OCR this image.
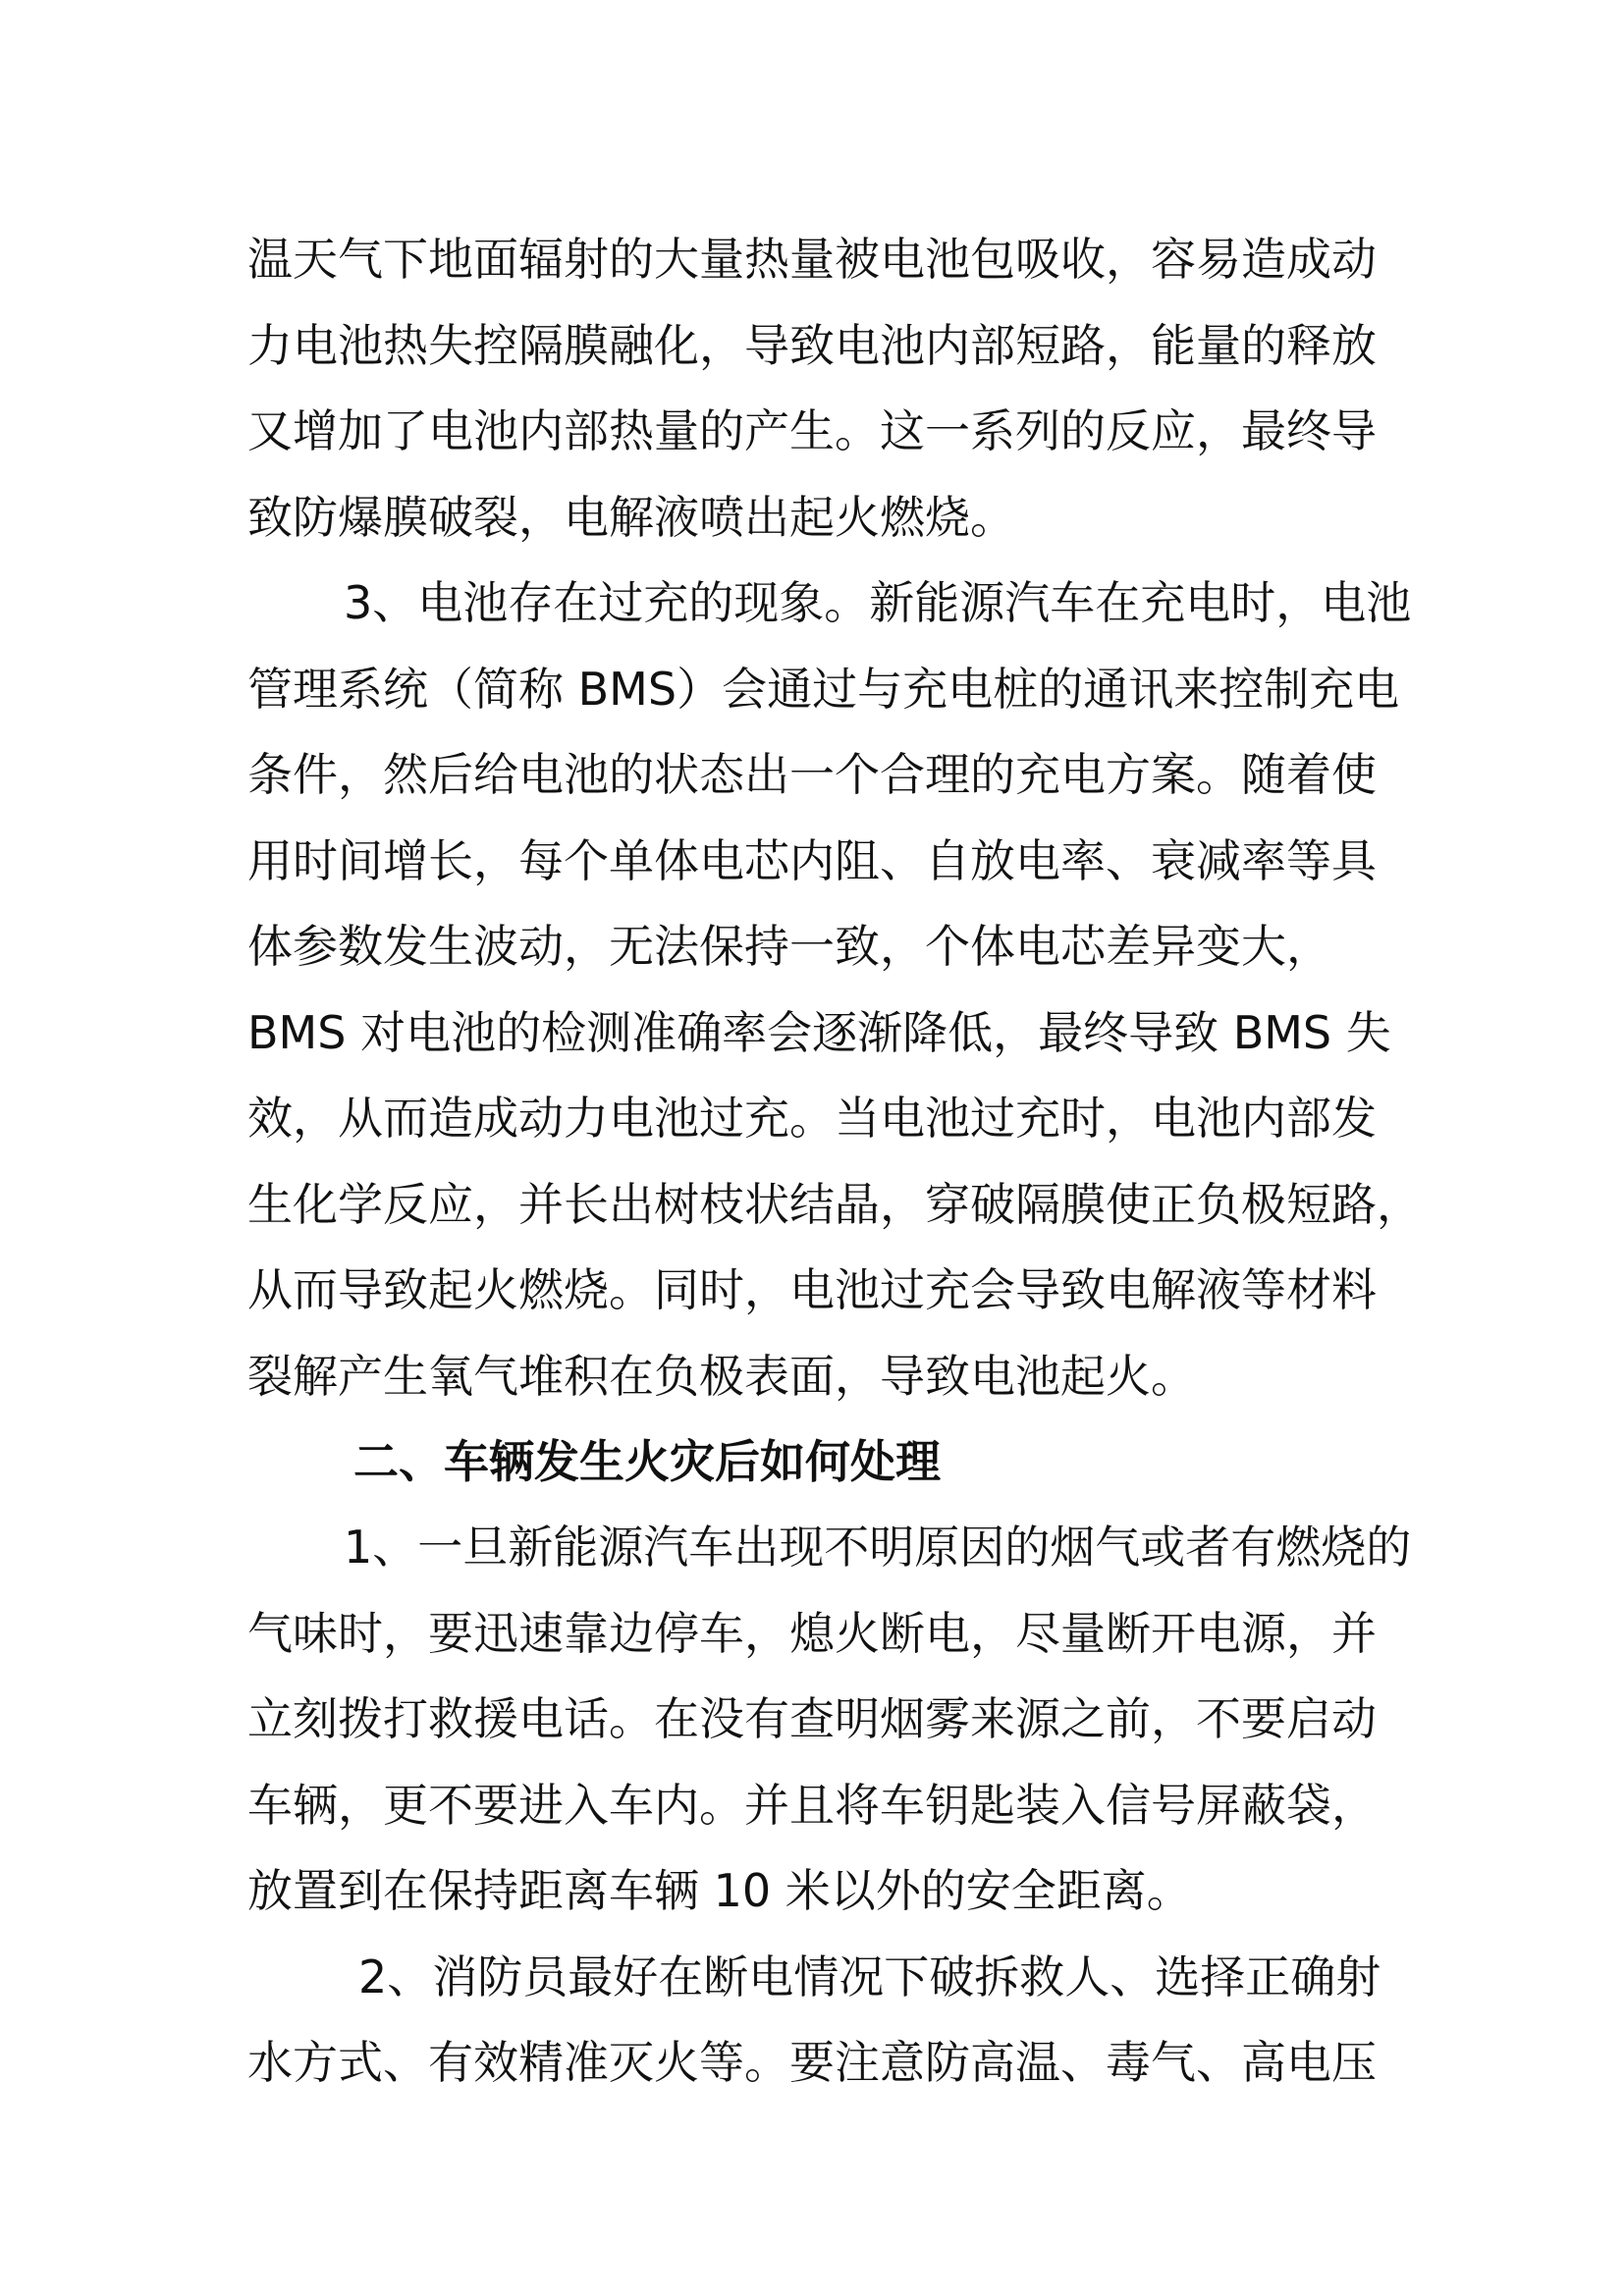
温天气下地面辐射的大量热量被电池包吸收，容易造成动
力电池热失控隔膜融化，导致电池内部短路，能量的释放
又增加了电池内部热量的产生。这一系列的反应，最终导
致防爆膜破裂，电解液喷出起火燃烧。
3、电池存在过充的现象。新能源汽车在充电时，电池
管理系统（简称 BMS）会通过与充电桩的通讯来控制充电
条件，然后给电池的状态出一个合理的充电方案。随着使
用时间增长，每个单体电芯内阻、自放电率、衰减率等具
体参数发生波动，无法保持一致，个体电芯差异变大，
BMS 对电池的检测准确率会逐渐降低，最终导致 BMS 失
效，从而造成动力电池过充。当电池过充时，电池内部发
生化学反应，并长出树枝状结晶，穿破隔膜使正负极短路，
从而导致起火燃烧。同时，电池过充会导致电解液等材料
裂解产生氧气堆积在负极表面，导致电池起火。
二、车辆发生火灾后如何处理
1、一旦新能源汽车出现不明原因的烟气或者有燃烧的
气味时，要迅速靠边停车，熄火断电，尽量断开电源，并
立刻拨打救援电话。在没有查明烟雾来源之前，不要启动
车辆，更不要进入车内。并且将车钥匙装入信号屏蔽袋，
放置到在保持距离车辆 10 米以外的安全距离。
2、消防员最好在断电情况下破拆救人、选择正确射
水方式、有效精准灭火等。要注意防高温、毒气、高电压
